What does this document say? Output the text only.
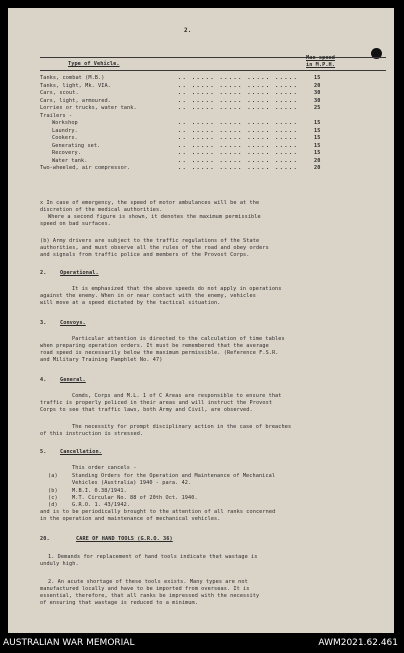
2.
Type of Vehicle.
Max speed
in M.P.H.
Tanks, combat (M.B.)	.. ..... ..... ..... .....	15
Tanks, light, Mk. VIA.	.. ..... ..... ..... .....	20
Cars, scout.	.. ..... ..... ..... .....	30
Cars, light, armoured.	.. ..... ..... ..... .....	30
Lorries or trucks, water tank.	.. ..... ..... ..... .....	25
Trailers -
Workshop	.. ..... ..... ..... .....	15
Laundry.	.. ..... ..... ..... .....	15
Cookers.	.. ..... ..... ..... .....	15
Generating set.	.. ..... ..... ..... .....	15
Recovery.	.. ..... ..... ..... .....	15
Water tank.	.. ..... ..... ..... .....	20
Two-wheeled, air compressor.	.. ..... ..... ..... .....	20
x In case of emergency, the speed of motor ambulances will be at the
discretion of the medical authorities.
Where a second figure is shown, it denotes the maximum permissible
speed on bad surfaces.
(b) Army drivers are subject to the traffic regulations of the State
authorities, and must observe all the rules of the road and obey orders
and signals from traffic police and members of the Provost Corps.
2.	Operational.
It is emphasized that the above speeds do not apply in operations
against the enemy. When in or near contact with the enemy, vehicles
will move at a speed dictated by the tactical situation.
3.	Convoys.
Particular attention is directed to the calculation of time tables
when preparing operation orders. It must be remembered that the average
road speed is necessarily below the maximum permissible. (Reference F.S.R.
and Military Training Pamphlet No. 47)
4.	General.
Comds, Corps and M.L. 1 of C Areas are responsible to ensure that
traffic is properly policed in their areas and will instruct the Provost
Corps to see that traffic laws, both Army and Civil, are observed.
The necessity for prompt disciplinary action in the case of breaches
of this instruction is stressed.
5.	Cancellation.
This order cancels -
(a)	Standing Orders for the Operation and Maintenance of Mechanical
Vehicles (Australia) 1940 - para. 42.
(b)	M.B.I. 0.38/1941.
(c)	M.T. Circular No. 88 of 20th Oct. 1940.
(d)	G.R.O. 1. 43/1942.
and is to be periodically brought to the attention of all ranks concerned
in the operation and maintenance of mechanical vehicles.
20.	CARE OF HAND TOOLS (G.R.O. 36)
1. Demands for replacement of hand tools indicate that wastage is
unduly high.
2. An acute shortage of these tools exists. Many types are not
manufactured locally and have to be imported from overseas. It is
essential, therefore, that all ranks be impressed with the necessity
of ensuring that wastage is reduced to a minimum.
AUSTRALIAN WAR MEMORIAL	AWM2021.62.461
